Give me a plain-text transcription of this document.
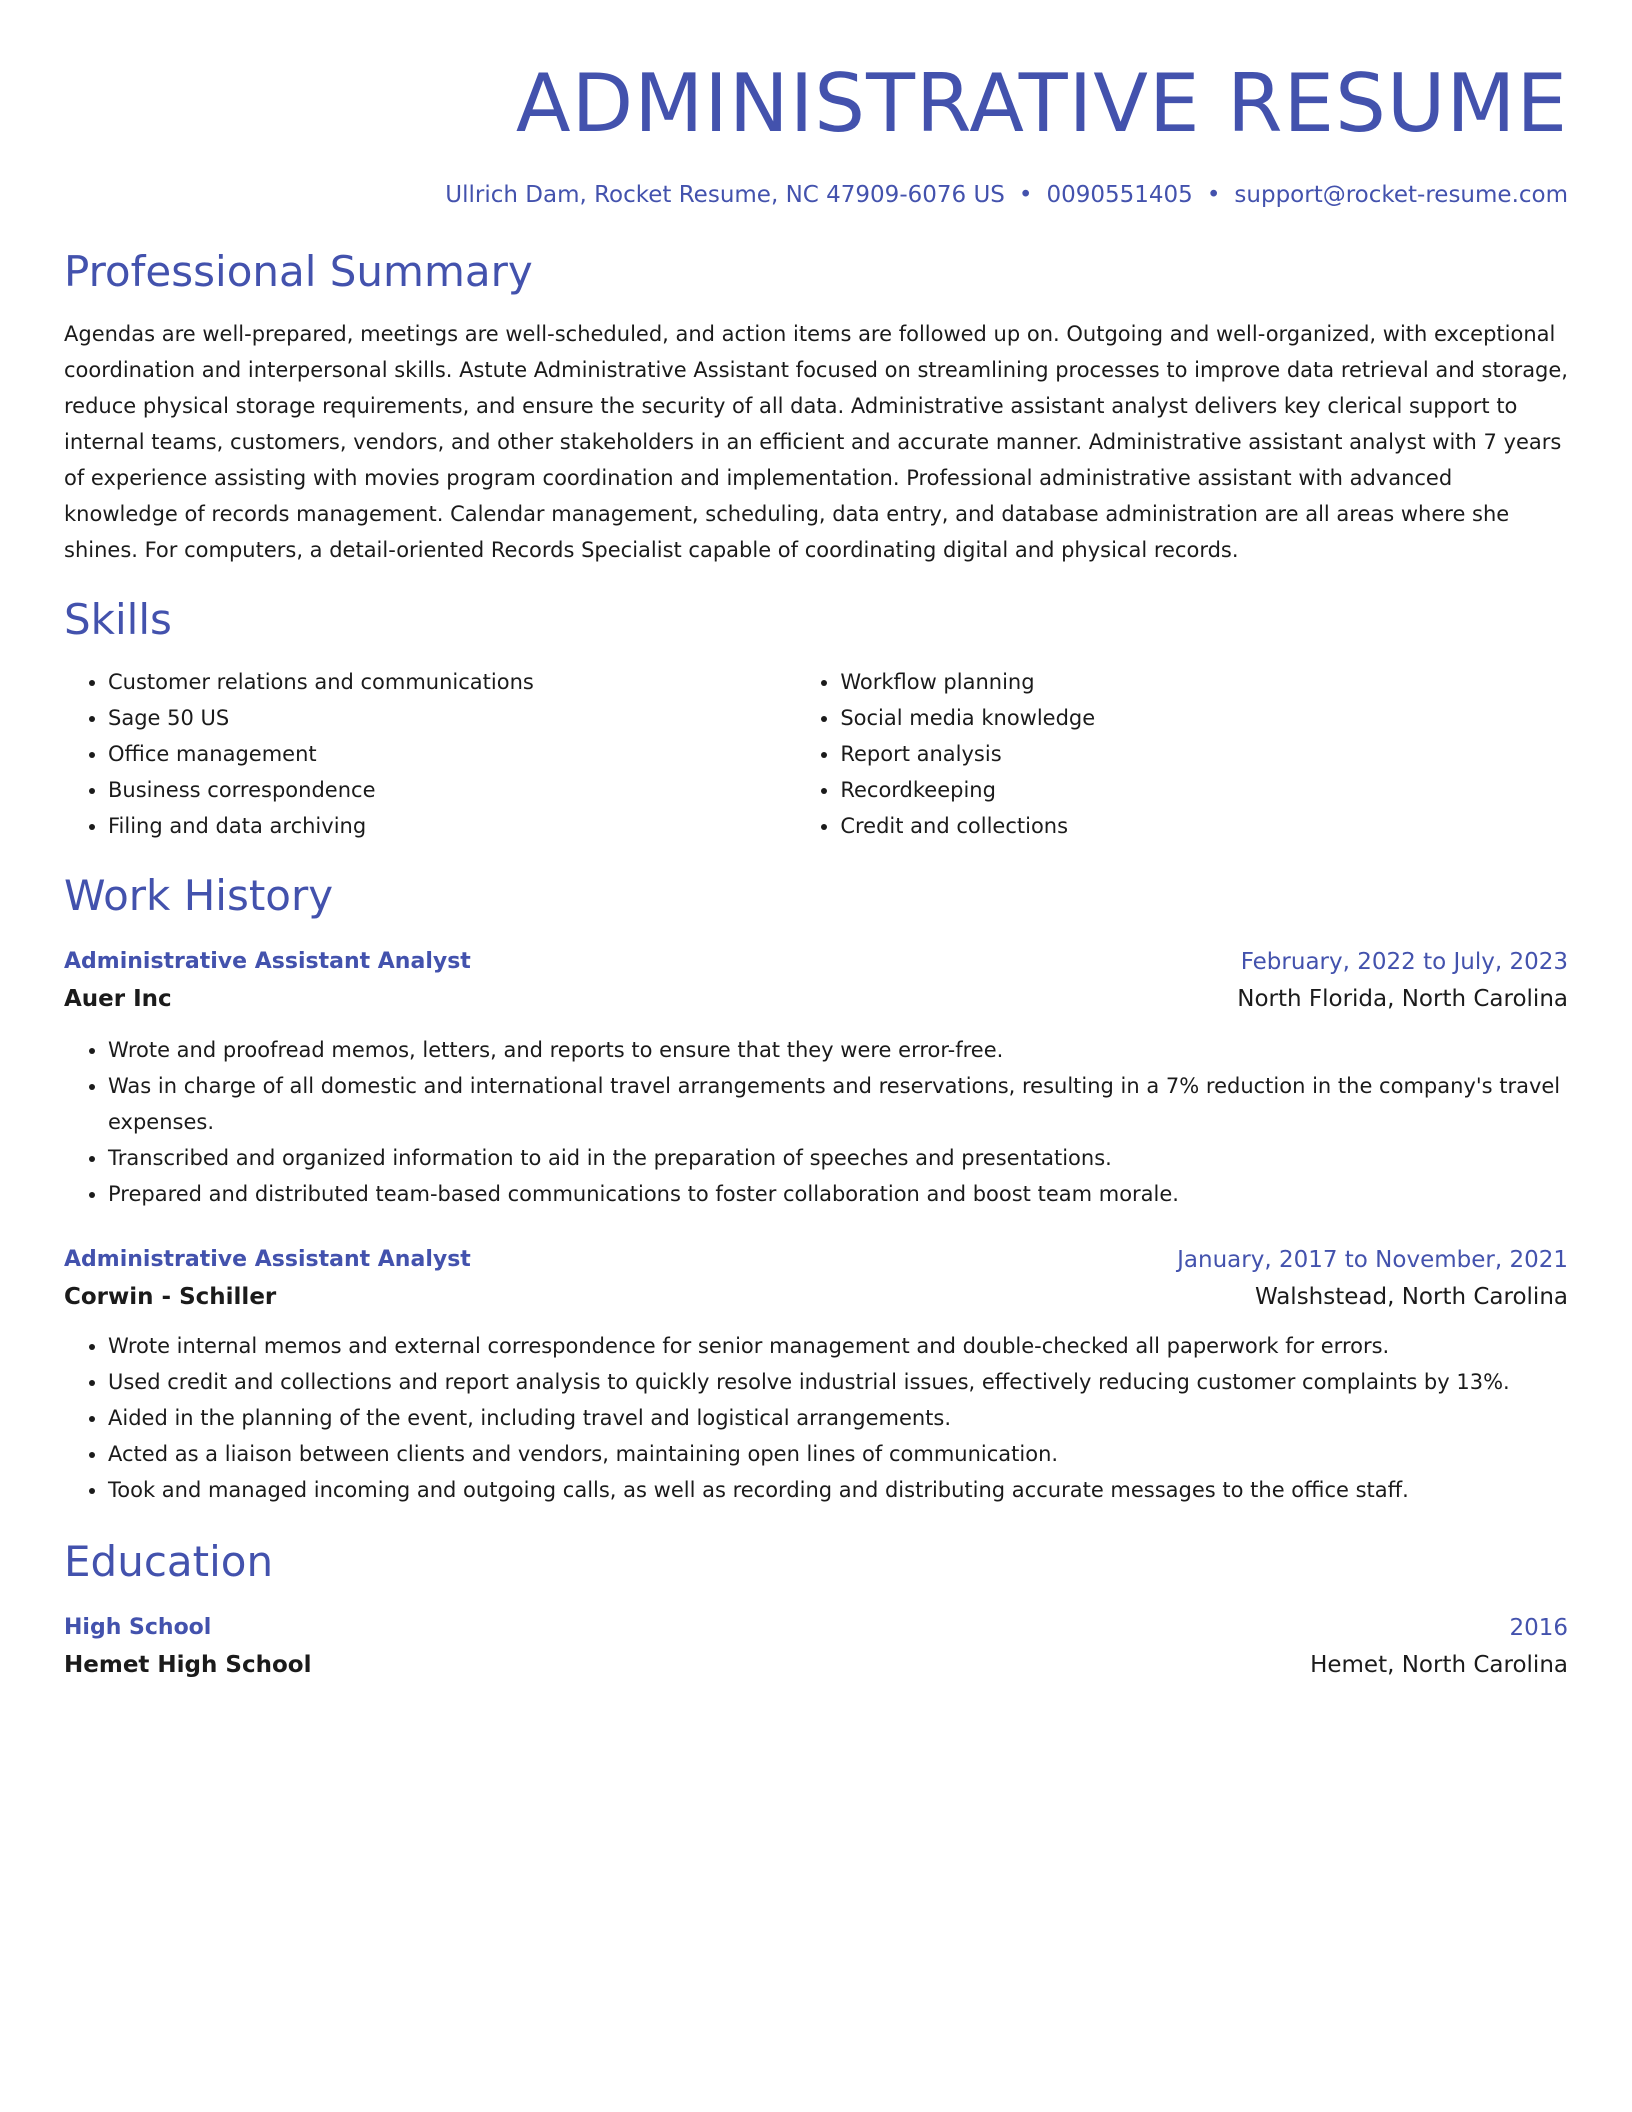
ADMINISTRATIVE RESUME
Ullrich Dam, Rocket Resume, NC 47909-6076 US • 0090551405 • support@rocket-resume.com
Professional Summary
Agendas are well-prepared, meetings are well-scheduled, and action items are followed up on. Outgoing and well-organized, with exceptional coordination and interpersonal skills. Astute Administrative Assistant focused on streamlining processes to improve data retrieval and storage, reduce physical storage requirements, and ensure the security of all data. Administrative assistant analyst delivers key clerical support to internal teams, customers, vendors, and other stakeholders in an efficient and accurate manner. Administrative assistant analyst with 7 years of experience assisting with movies program coordination and implementation. Professional administrative assistant with advanced knowledge of records management. Calendar management, scheduling, data entry, and database administration are all areas where she shines. For computers, a detail-oriented Records Specialist capable of coordinating digital and physical records.
Skills
• Customer relations and communications
• Sage 50 US
• Office management
• Business correspondence
• Filing and data archiving
• Workflow planning
• Social media knowledge
• Report analysis
• Recordkeeping
• Credit and collections
Work History
Administrative Assistant Analyst	February, 2022 to July, 2023
Auer Inc	North Florida, North Carolina
• Wrote and proofread memos, letters, and reports to ensure that they were error-free.
• Was in charge of all domestic and international travel arrangements and reservations, resulting in a 7% reduction in the company's travel expenses.
• Transcribed and organized information to aid in the preparation of speeches and presentations.
• Prepared and distributed team-based communications to foster collaboration and boost team morale.
Administrative Assistant Analyst	January, 2017 to November, 2021
Corwin - Schiller	Walshstead, North Carolina
• Wrote internal memos and external correspondence for senior management and double-checked all paperwork for errors.
• Used credit and collections and report analysis to quickly resolve industrial issues, effectively reducing customer complaints by 13%.
• Aided in the planning of the event, including travel and logistical arrangements.
• Acted as a liaison between clients and vendors, maintaining open lines of communication.
• Took and managed incoming and outgoing calls, as well as recording and distributing accurate messages to the office staff.
Education
High School	2016
Hemet High School	Hemet, North Carolina
